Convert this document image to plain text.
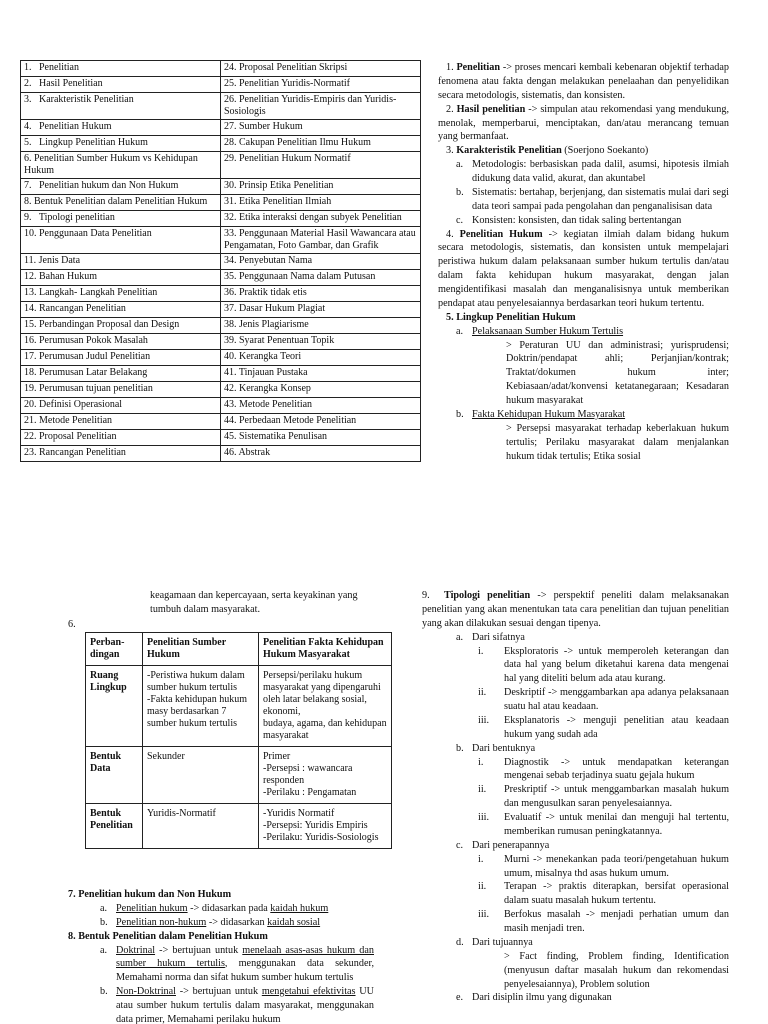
1.   Penelitian	24. Proposal Penelitian Skripsi
2.   Hasil Penelitian	25. Penelitian Yuridis-Normatif
3.   Karakteristik Penelitian	26. Penelitian Yuridis-Empiris dan Yuridis-Sosiologis
4.   Penelitian Hukum	27. Sumber Hukum
5.   Lingkup Penelitian Hukum	28. Cakupan Penelitian Ilmu Hukum
6. Penelitian Sumber Hukum vs Kehidupan Hukum	29. Penelitian Hukum Normatif
7.   Penelitian hukum dan Non Hukum	30. Prinsip Etika Penelitian
8. Bentuk Penelitian dalam Penelitian Hukum	31. Etika Penelitian Ilmiah
9.   Tipologi penelitian	32. Etika interaksi dengan subyek Penelitian
10. Penggunaan Data Penelitian	33. Penggunaan Material Hasil Wawancara atau Pengamatan, Foto Gambar, dan Grafik
11. Jenis Data	34. Penyebutan Nama
12. Bahan Hukum	35. Penggunaan Nama dalam Putusan
13. Langkah- Langkah Penelitian	36. Praktik tidak etis
14. Rancangan Penelitian	37. Dasar Hukum Plagiat
15. Perbandingan Proposal dan Design	38. Jenis Plagiarisme
16. Perumusan Pokok Masalah	39. Syarat Penentuan Topik
17. Perumusan Judul Penelitian	40. Kerangka Teori
18. Perumusan Latar Belakang	41. Tinjauan Pustaka
19. Perumusan tujuan penelitian	42. Kerangka Konsep
20. Definisi Operasional	43. Metode Penelitian
21. Metode Penelitian	44. Perbedaan Metode Penelitian
22. Proposal Penelitian	45. Sistematika Penulisan
23. Rancangan Penelitian	46. Abstrak

1. Penelitian -> proses mencari kembali kebenaran objektif terhadap fenomena atau fakta dengan melakukan penelaahan dan penyelidikan secara metodologis, sistematis, dan konsisten.

2. Hasil penelitian -> simpulan atau rekomendasi yang mendukung, menolak, memperbarui, menciptakan, dan/atau merancang temuan yang bermanfaat.

3. Karakteristik Penelitian (Soerjono Soekanto)

a. Metodologis: berbasiskan pada dalil, asumsi, hipotesis ilmiah didukung data valid, akurat, dan akuntabel
b. Sistematis: bertahap, berjenjang, dan sistematis mulai dari segi data teori sampai pada pengolahan dan penganalisisan data
c. Konsisten: konsisten, dan tidak saling bertentangan

4. Penelitian Hukum -> kegiatan ilmiah dalam bidang hukum secara metodologis, sistematis, dan konsisten untuk mempelajari peristiwa hukum dalam pelaksanaan sumber hukum tertulis dan/atau dalam fakta kehidupan hukum masyarakat, dengan jalan mengidentifikasi masalah dan menganalisisnya untuk memberikan pendapat atau penyelesaiannya berdasarkan teori hukum tertentu.

5. Lingkup Penelitian Hukum

a. Pelaksanaan Sumber Hukum Tertulis

> Peraturan UU dan administrasi; yurisprudensi; Doktrin/pendapat ahli; Perjanjian/kontrak; Traktat/dokumen hukum inter; Kebiasaan/adat/konvensi ketatanegaraan; Kesadaran hukum masyarakat

b. Fakta Kehidupan Hukum Masyarakat

> Persepsi masyarakat terhadap keberlakuan hukum tertulis; Perilaku masyarakat dalam menjalankan hukum tidak tertulis; Etika sosial

keagamaan dan kepercayaan, serta keyakinan yang tumbuh dalam masyarakat.
6.
Perban-dingan	Penelitian Sumber Hukum	Penelitian Fakta Kehidupan Hukum Masyarakat
Ruang Lingkup	-Peristiwa hukum dalam sumber hukum tertulis
-Fakta kehidupan hukum masy berdasarkan 7 sumber hukum tertulis	Persepsi/perilaku hukum masyarakat yang dipengaruhi oleh latar belakang sosial, ekonomi,
budaya, agama, dan kehidupan masyarakat
Bentuk Data	Sekunder	Primer
-Persepsi : wawancara responden
-Perilaku : Pengamatan
Bentuk Penelitian	Yuridis-Normatif	-Yuridis Normatif
-Persepsi: Yuridis Empiris
-Perilaku: Yuridis-Sosiologis

7. Penelitian hukum dan Non Hukum

a. Penelitian hukum -> didasarkan pada kaidah hukum
b. Penelitian non-hukum -> didasarkan kaidah sosial

8. Bentuk Penelitian dalam Penelitian Hukum

a. Doktrinal -> bertujuan untuk menelaah asas-asas hukum dan sumber hukum tertulis, menggunakan data sekunder, Memahami norma dan sifat hukum sumber hukum tertulis
b. Non-Doktrinal -> bertujuan untuk mengetahui efektivitas UU atau sumber hukum tertulis dalam masyarakat, menggunakan data primer, Memahami perilaku hukum

9. Tipologi penelitian -> perspektif peneliti dalam melaksanakan penelitian yang akan menentukan tata cara penelitian dan tujuan penelitian yang akan dilakukan sesuai dengan tipenya.

a. Dari sifatnya
i. Eksploratoris -> untuk memperoleh keterangan dan data hal yang belum diketahui karena data mengenai hal yang diteliti belum ada atau kurang.
ii. Deskriptif -> menggambarkan apa adanya pelaksanaan suatu hal atau keadaan.
iii. Eksplanatoris -> menguji penelitian atau keadaan hukum yang sudah ada
b. Dari bentuknya
i. Diagnostik -> untuk mendapatkan keterangan mengenai sebab terjadinya suatu gejala hukum
ii. Preskriptif -> untuk menggambarkan masalah hukum dan mengusulkan saran penyelesaiannya.
iii. Evaluatif -> untuk menilai dan menguji hal tertentu, memberikan rumusan peningkatannya.
c. Dari penerapannya
i. Murni -> menekankan pada teori/pengetahuan hukum umum, misalnya thd asas hukum umum.
ii. Terapan -> praktis diterapkan, bersifat operasional dalam suatu masalah hukum tertentu.
iii. Berfokus masalah -> menjadi perhatian umum dan masih menjadi tren.
d. Dari tujuannya

> Fact finding, Problem finding, Identification (menyusun daftar masalah hukum dan rekomendasi penyelesaiannya), Problem solution

e. Dari disiplin ilmu yang digunakan
